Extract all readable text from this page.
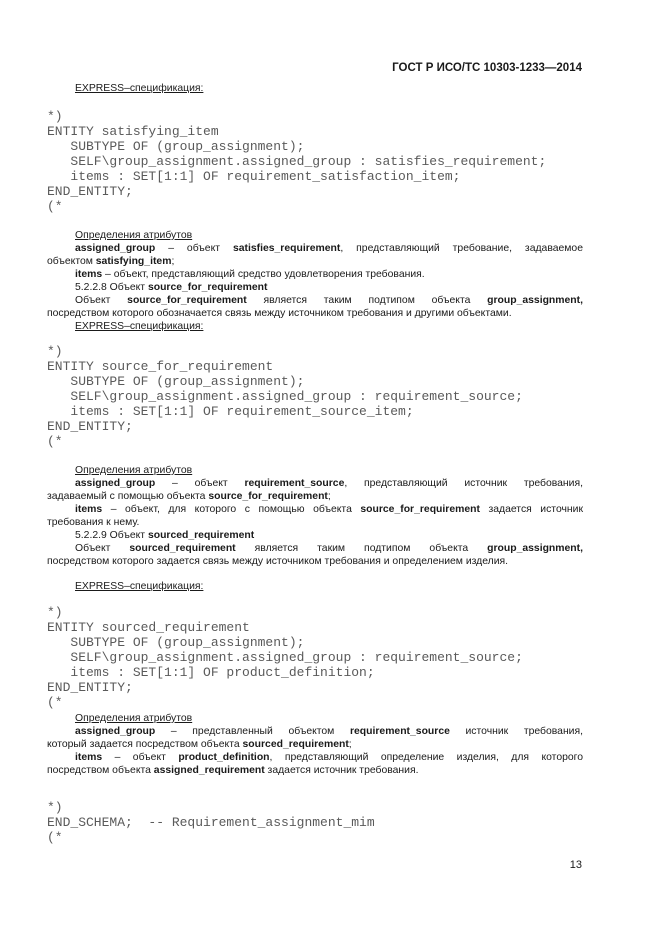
ГОСТ Р ИСО/ТС 10303-1233—2014

EXPRESS–спецификация:

*)
ENTITY satisfying_item
SUBTYPE OF (group_assignment);
SELF\group_assignment.assigned_group : satisfies_requirement;
items : SET[1:1] OF requirement_satisfaction_item;
END_ENTITY;
(*

Определения атрибутов

assigned_group – объект satisfies_requirement, представляющий требование, задаваемое

объектом satisfying_item;

items – объект, представляющий средство удовлетворения требования.

5.2.2.8 Объект source_for_requirement

Объект source_for_requirement является таким подтипом объекта group_assignment,

посредством которого обозначается связь между источником требования и другими объектами.

EXPRESS–спецификация:

*)
ENTITY source_for_requirement
SUBTYPE OF (group_assignment);
SELF\group_assignment.assigned_group : requirement_source;
items : SET[1:1] OF requirement_source_item;
END_ENTITY;
(*

Определения атрибутов

assigned_group – объект requirement_source, представляющий источник требования,

задаваемый с помощью объекта source_for_requirement;

items – объект, для которого с помощью объекта source_for_requirement задается источник

требования к нему.

5.2.2.9 Объект sourced_requirement

Объект sourced_requirement является таким подтипом объекта group_assignment,

посредством которого задается связь между источником требования и определением изделия.

EXPRESS–спецификация:

*)
ENTITY sourced_requirement
SUBTYPE OF (group_assignment);
SELF\group_assignment.assigned_group : requirement_source;
items : SET[1:1] OF product_definition;
END_ENTITY;
(*

Определения атрибутов

assigned_group – представленный объектом requirement_source источник требования,

который задается посредством объекта sourced_requirement;

items – объект product_definition, представляющий определение изделия, для которого

посредством объекта assigned_requirement задается источник требования.

*)
END_SCHEMA;  -- Requirement_assignment_mim
(*
13
